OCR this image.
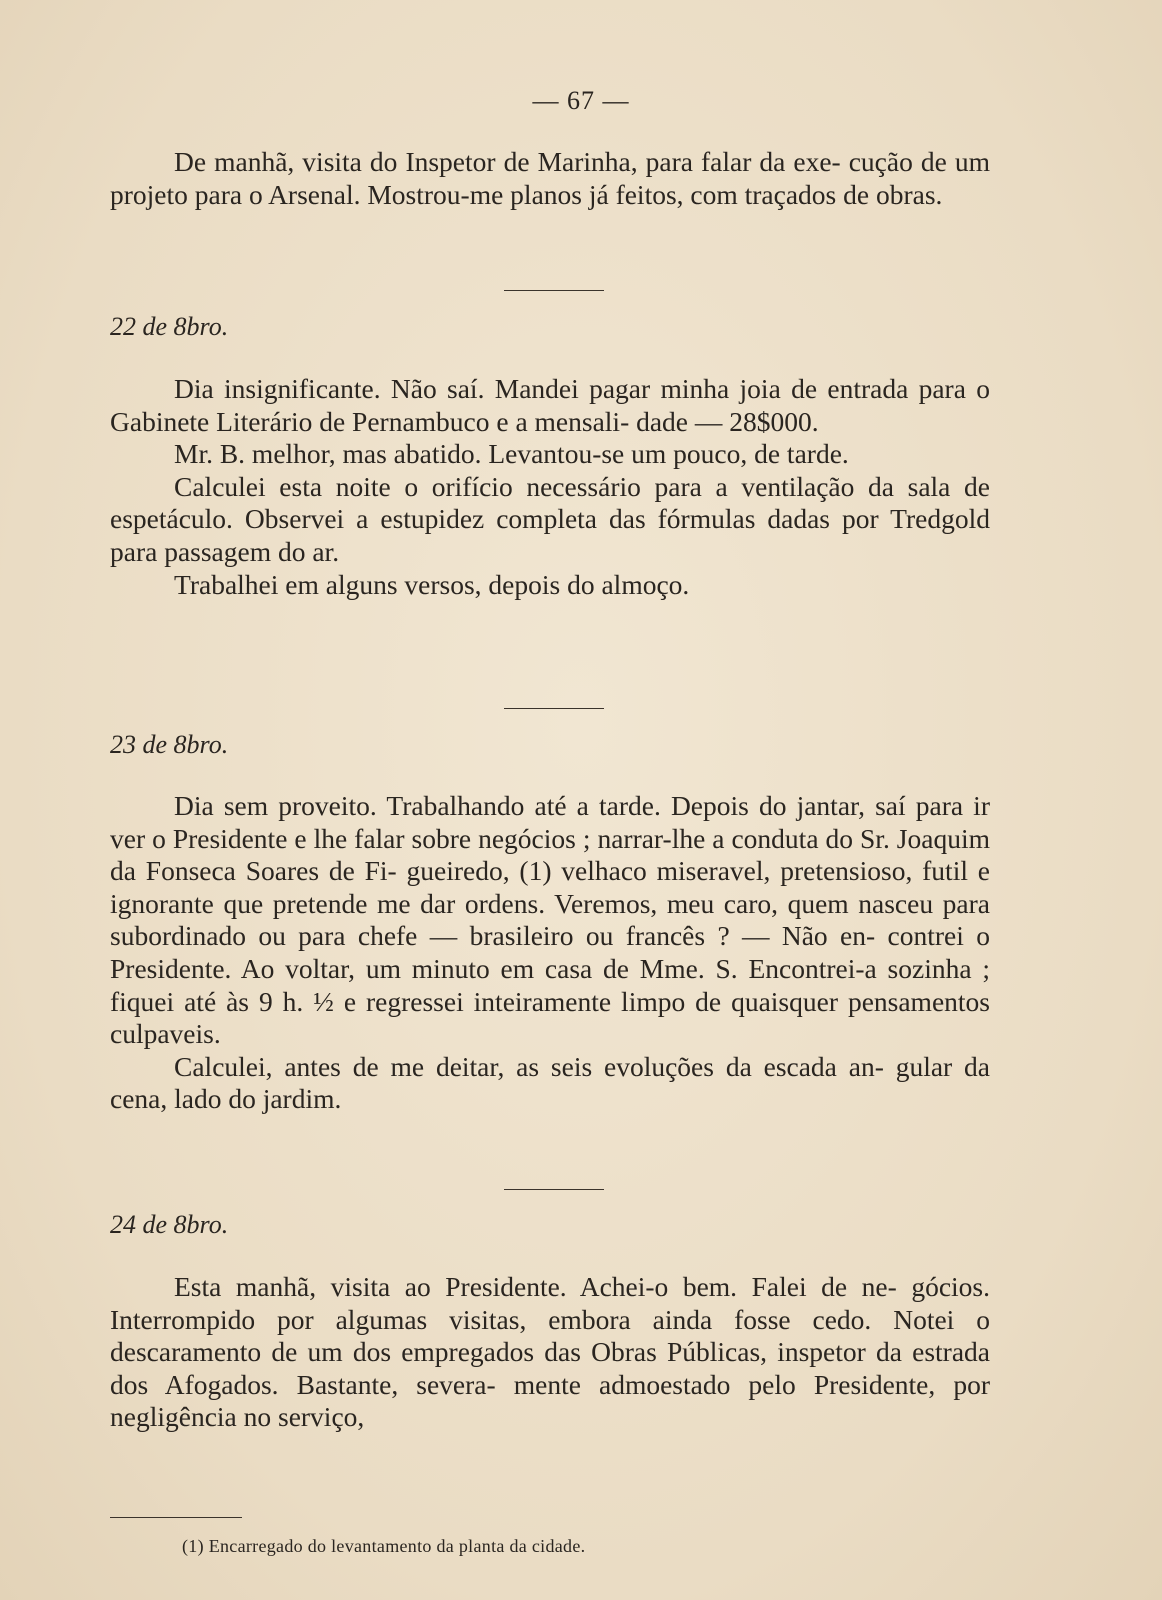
— 67 —

De manhã, visita do Inspetor de Marinha, para falar da exe- cução de um projeto para o Arsenal. Mostrou-me planos já feitos, com traçados de obras.

22 de 8bro.

Dia insignificante. Não saí. Mandei pagar minha joia de entrada para o Gabinete Literário de Pernambuco e a mensali- dade — 28$000.

Mr. B. melhor, mas abatido. Levantou-se um pouco, de tarde.

Calculei esta noite o orifício necessário para a ventilação da sala de espetáculo. Observei a estupidez completa das fórmulas dadas por Tredgold para passagem do ar.

Trabalhei em alguns versos, depois do almoço.

23 de 8bro.

Dia sem proveito. Trabalhando até a tarde. Depois do jantar, saí para ir ver o Presidente e lhe falar sobre negócios ; narrar-lhe a conduta do Sr. Joaquim da Fonseca Soares de Fi- gueiredo, (1) velhaco miseravel, pretensioso, futil e ignorante que pretende me dar ordens. Veremos, meu caro, quem nasceu para subordinado ou para chefe — brasileiro ou francês ? — Não en- contrei o Presidente. Ao voltar, um minuto em casa de Mme. S. Encontrei-a sozinha ; fiquei até às 9 h. ½ e regressei inteiramente limpo de quaisquer pensamentos culpaveis.

Calculei, antes de me deitar, as seis evoluções da escada an- gular da cena, lado do jardim.

24 de 8bro.

Esta manhã, visita ao Presidente. Achei-o bem. Falei de ne- gócios. Interrompido por algumas visitas, embora ainda fosse cedo. Notei o descaramento de um dos empregados das Obras Públicas, inspetor da estrada dos Afogados. Bastante, severa- mente admoestado pelo Presidente, por negligência no serviço,

(1) Encarregado do levantamento da planta da cidade.
